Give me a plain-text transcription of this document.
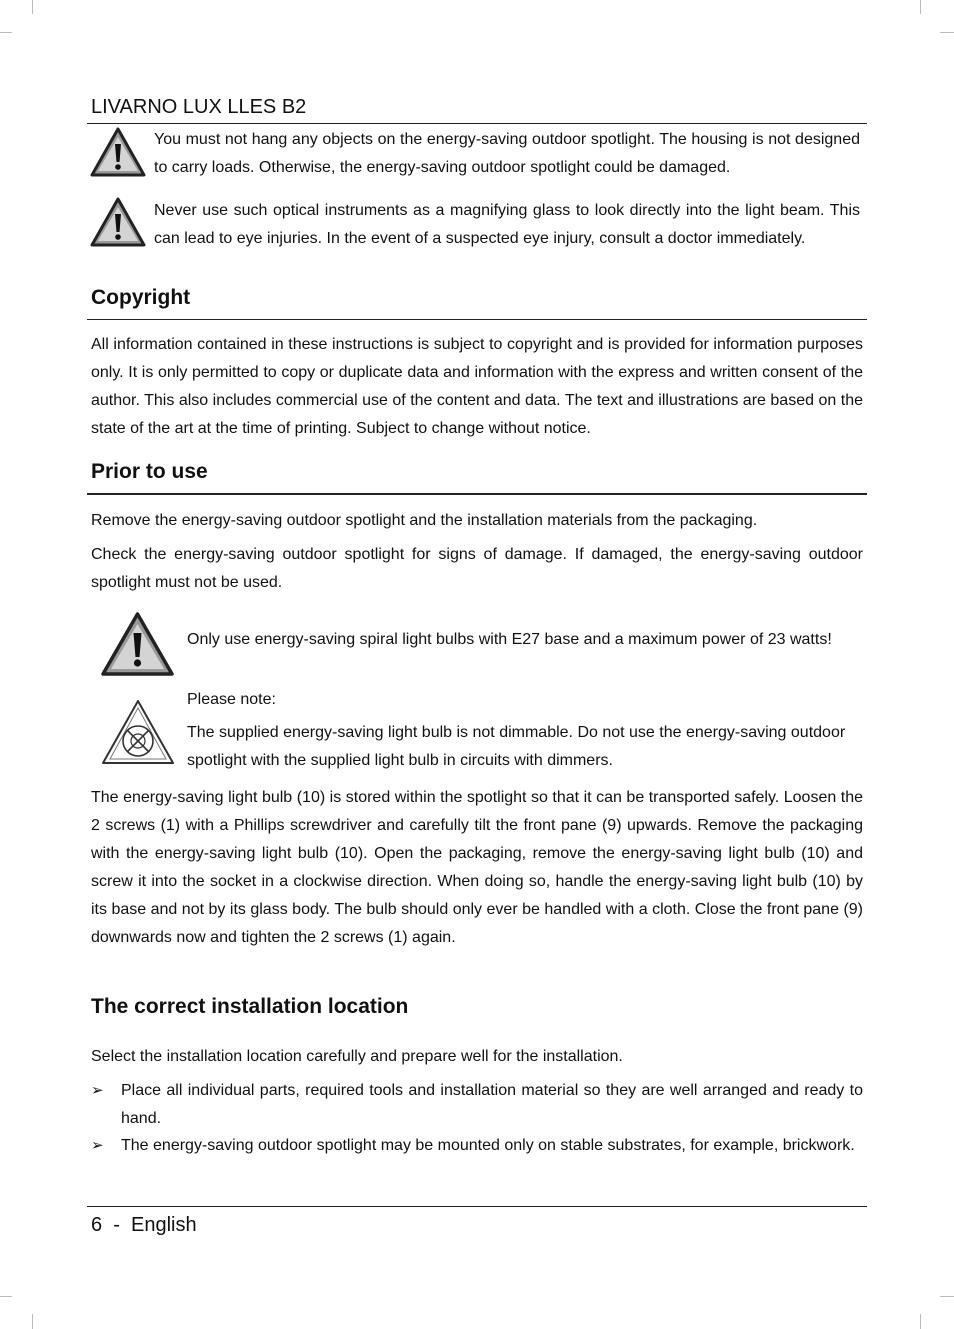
LIVARNO LUX LLES B2
You must not hang any objects on the energy-saving outdoor spotlight. The housing is not designed to carry loads. Otherwise, the energy-saving outdoor spotlight could be damaged.
Never use such optical instruments as a magnifying glass to look directly into the light beam. This can lead to eye injuries. In the event of a suspected eye injury, consult a doctor immediately.
Copyright
All information contained in these instructions is subject to copyright and is provided for information purposes only. It is only permitted to copy or duplicate data and information with the express and written consent of the author. This also includes commercial use of the content and data. The text and illustrations are based on the state of the art at the time of printing. Subject to change without notice.
Prior to use
Remove the energy-saving outdoor spotlight and the installation materials from the packaging.
Check the energy-saving outdoor spotlight for signs of damage. If damaged, the energy-saving outdoor spotlight must not be used.
Only use energy-saving spiral light bulbs with E27 base and a maximum power of 23 watts!
Please note:
The supplied energy-saving light bulb is not dimmable. Do not use the energy-saving outdoor spotlight with the supplied light bulb in circuits with dimmers.
The energy-saving light bulb (10) is stored within the spotlight so that it can be transported safely. Loosen the 2 screws (1) with a Phillips screwdriver and carefully tilt the front pane (9) upwards. Remove the packaging with the energy-saving light bulb (10). Open the packaging, remove the energy-saving light bulb (10) and screw it into the socket in a clockwise direction. When doing so, handle the energy-saving light bulb (10) by its base and not by its glass body. The bulb should only ever be handled with a cloth. Close the front pane (9) downwards now and tighten the 2 screws (1) again.
The correct installation location
Select the installation location carefully and prepare well for the installation.
➢ Place all individual parts, required tools and installation material so they are well arranged and ready to hand.
➢ The energy-saving outdoor spotlight may be mounted only on stable substrates, for example, brickwork.
6  -  English
